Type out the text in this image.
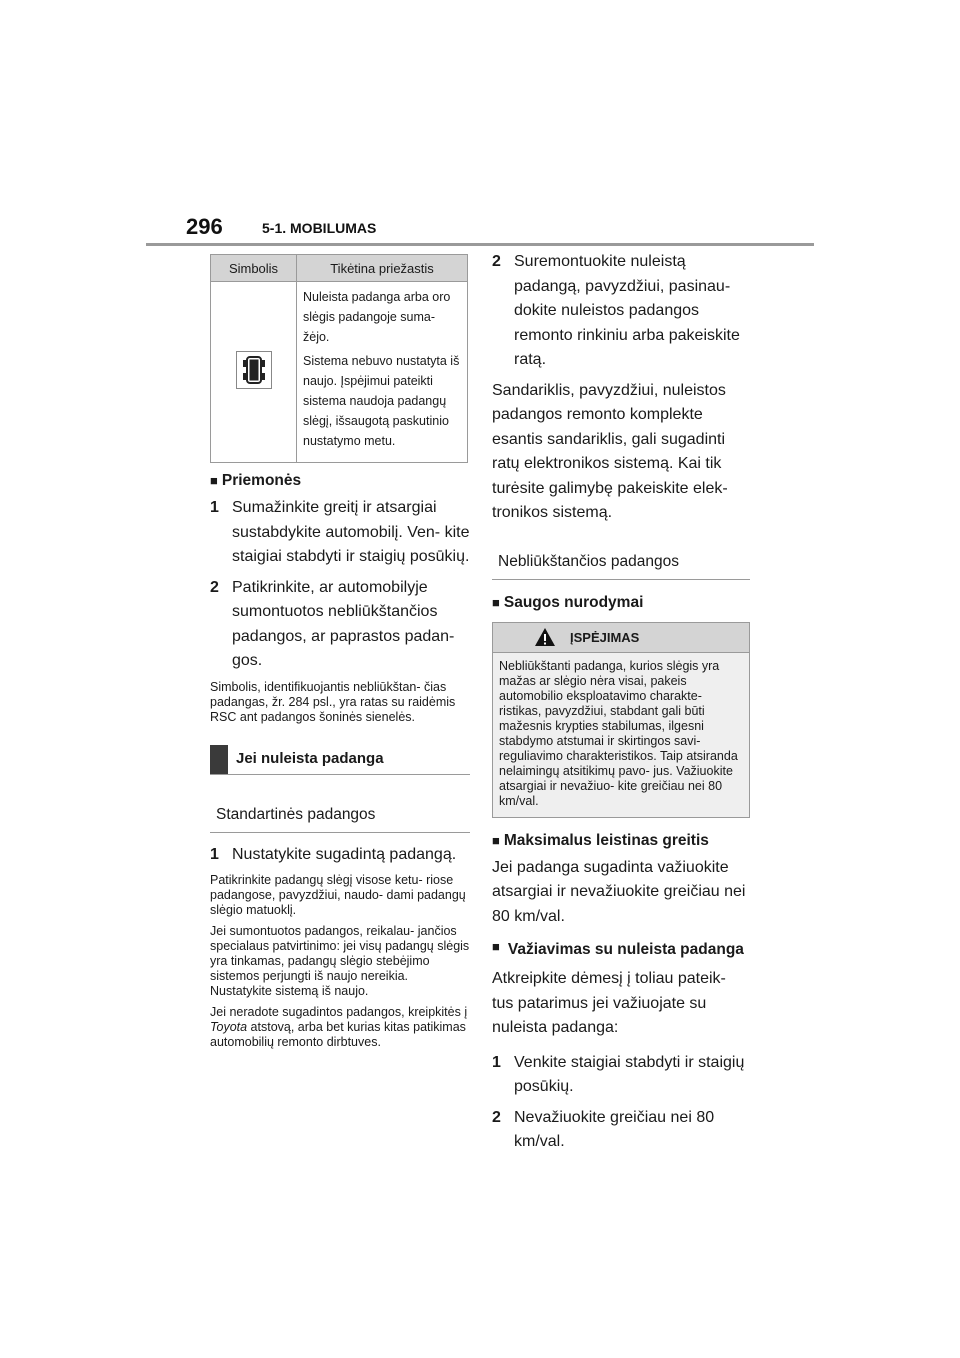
296	5-1. MOBILUMAS
Simbolis	Tikėtina priežastis

Nuleista padanga arba oro slėgis padangoje suma- žėjo.

Sistema nebuvo nustatyta iš naujo. Įspėjimui pateikti sistema naudoja padangų slėgį, išsaugotą paskutinio nustatymo metu.

■ Priemonės
1 Sumažinkite greitį ir atsargiai sustabdykite automobilį. Ven- kite staigiai stabdyti ir staigių posūkių.
2 Patikrinkite, ar automobilyje sumontuotos nebliūkštančios padangos, ar paprastos padan- gos.

Simbolis, identifikuojantis nebliūkštan- čias padangas, žr. 284 psl., yra ratas su raidėmis RSC ant padangos šoninės sienelės.

Jei nuleista padanga
Standartinės padangos
1 Nustatykite sugadintą padangą.

Patikrinkite padangų slėgį visose ketu- riose padangose, pavyzdžiui, naudo- dami padangų slėgio matuoklį.

Jei sumontuotos padangos, reikalau- jančios specialaus patvirtinimo: jei visų padangų slėgis yra tinkamas, padangų slėgio stebėjimo sistemos perjungti iš naujo nereikia. Nustatykite sistemą iš naujo.

Jei neradote sugadintos padangos, kreipkitės į Toyota atstovą, arba bet kurias kitas patikimas automobilių remonto dirbtuves.

2 Suremontuokite nuleistą padangą, pavyzdžiui, pasinau- dokite nuleistos padangos remonto rinkiniu arba pakeiskite ratą.

Sandariklis, pavyzdžiui, nuleistos padangos remonto komplekte esantis sandariklis, gali sugadinti ratų elektronikos sistemą. Kai tik turėsite galimybę pakeiskite elek- tronikos sistemą.

Nebliūkštančios padangos
■ Saugos nurodymai
ĮSPĖJIMAS
Nebliūkštanti padanga, kurios slėgis yra mažas ar slėgio nėra visai, pakeis automobilio eksploatavimo charakte- ristikas, pavyzdžiui, stabdant gali būti mažesnis krypties stabilumas, ilgesni stabdymo atstumai ir skirtingos savi- reguliavimo charakteristikos. Taip atsiranda nelaimingų atsitikimų pavo- jus. Važiuokite atsargiai ir nevažiuo- kite greičiau nei 80 km/val.
■ Maksimalus leistinas greitis

Jei padanga sugadinta važiuokite atsargiai ir nevažiuokite greičiau nei 80 km/val.

■ Važiavimas su nuleista padanga

Atkreipkite dėmesį į toliau pateik- tus patarimus jei važiuojate su nuleista padanga:

1 Venkite staigiai stabdyti ir staigių posūkių.
2 Nevažiuokite greičiau nei 80 km/val.
